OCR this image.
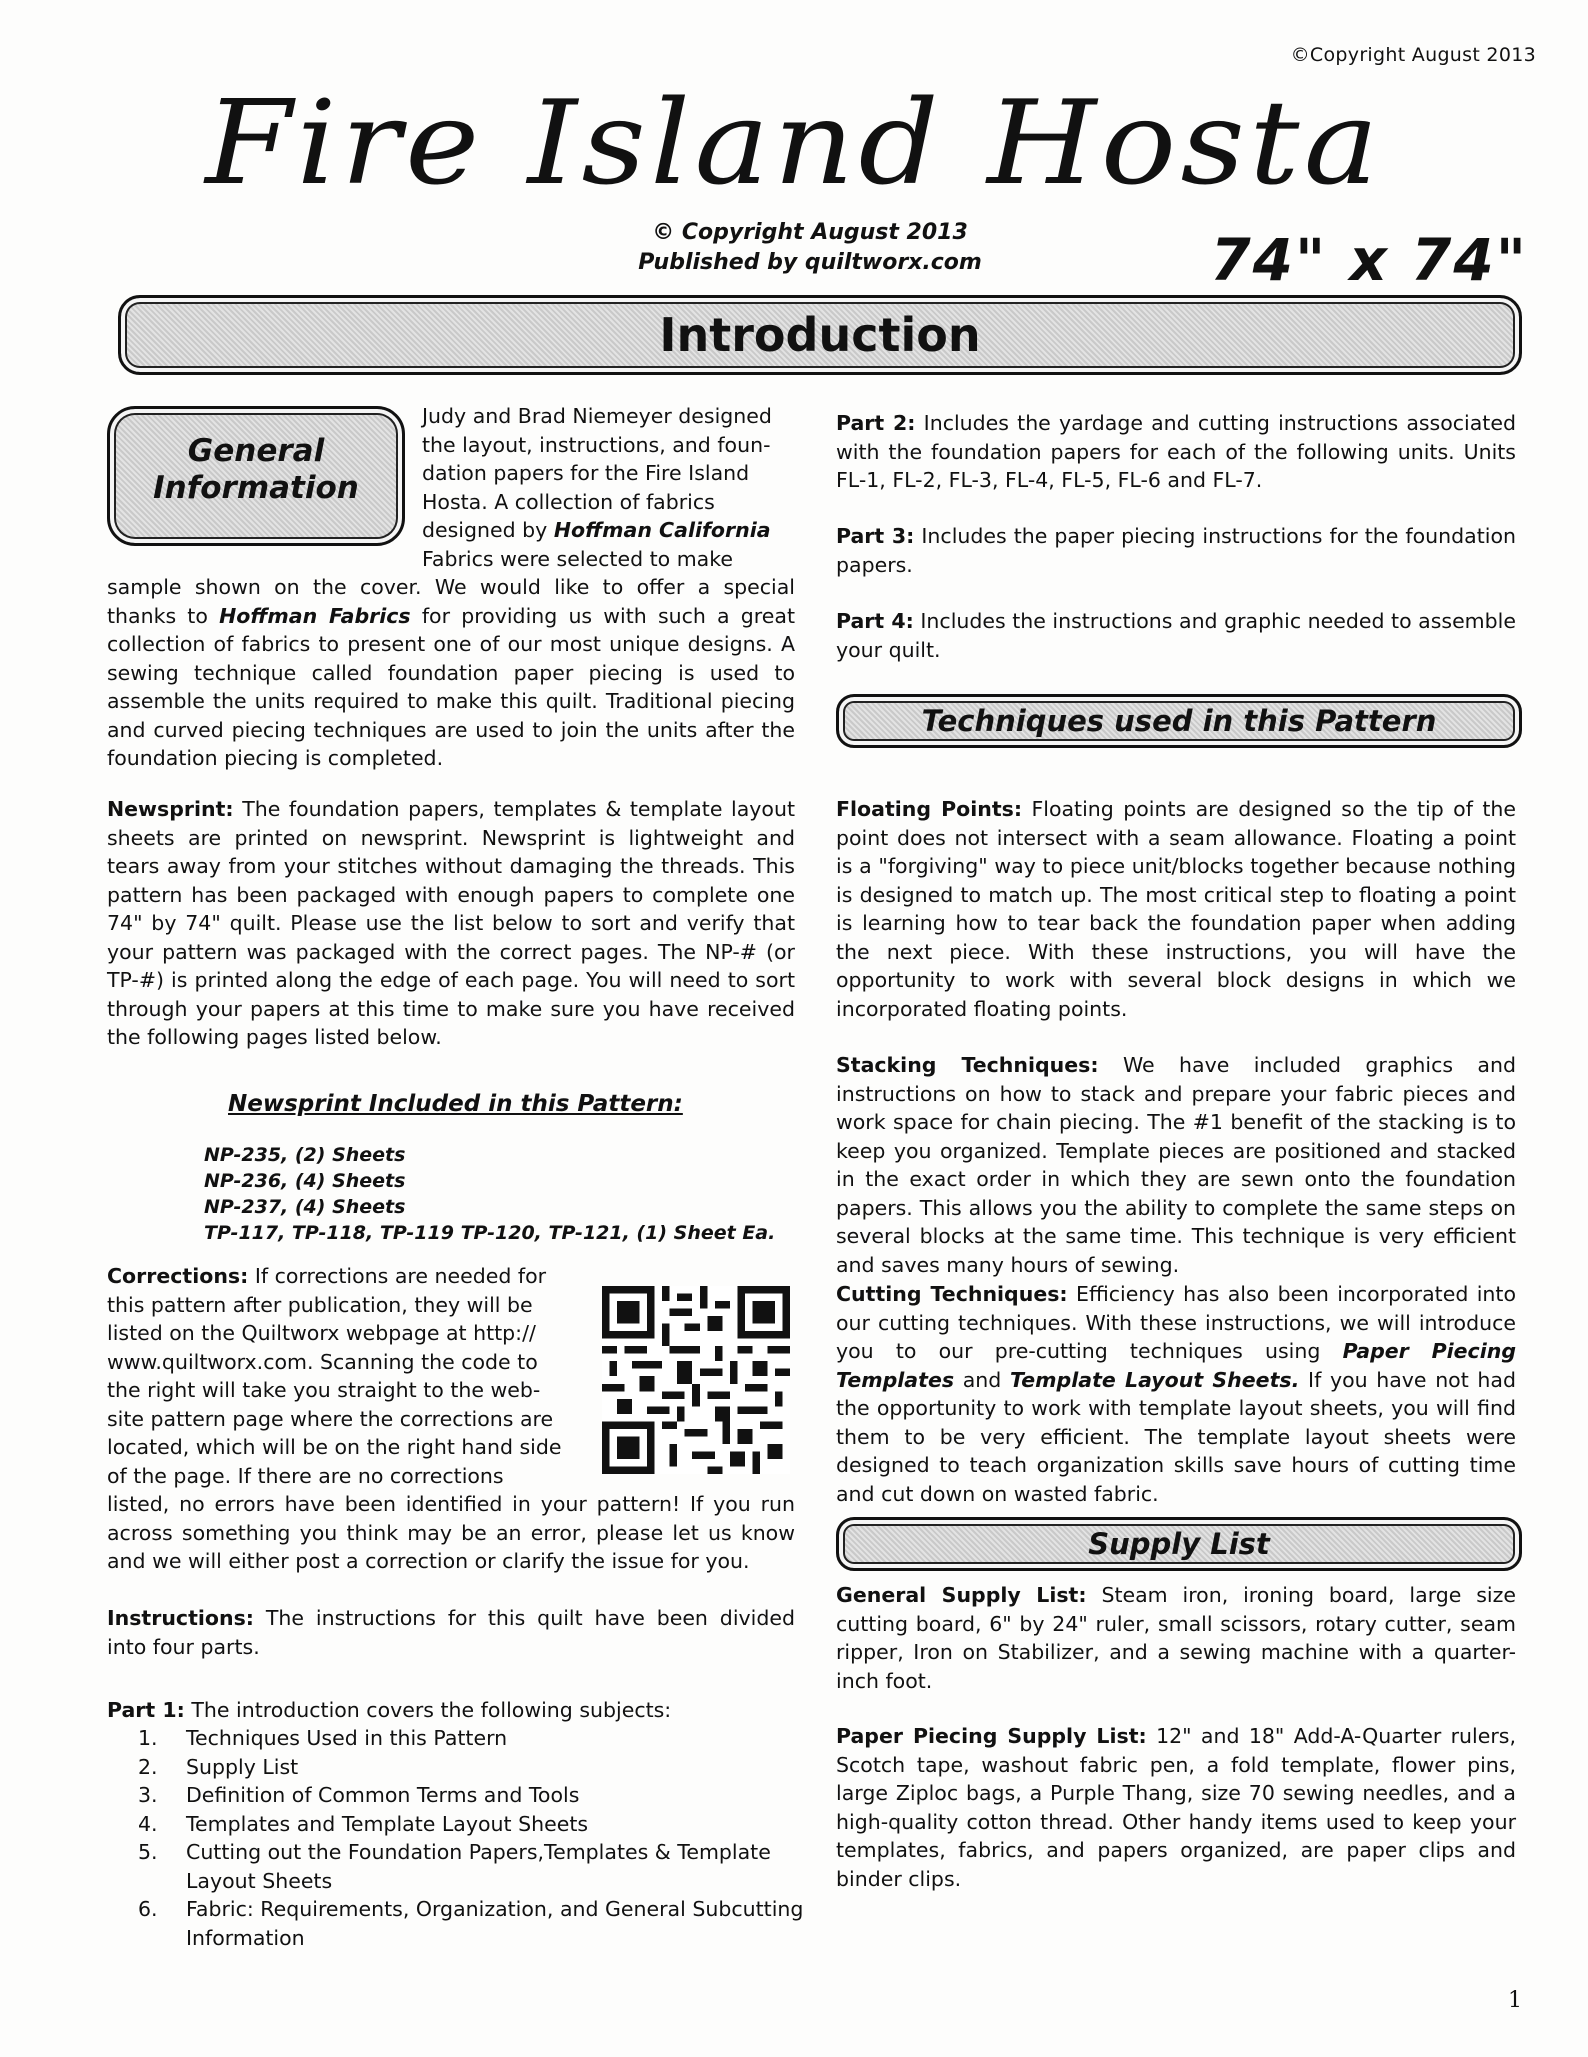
©Copyright August 2013
Fire Island Hosta
© Copyright August 2013
Published by quiltworx.com	74" x 74"
Introduction
General
Information
Judy and Brad Niemeyer designed
the layout, instructions, and foun-
dation papers for the Fire Island
Hosta. A collection of fabrics
designed by Hoffman California
Fabrics were selected to make
sample shown on the cover. We would like to offer a special thanks to Hoffman Fabrics for providing us with such a great collection of fabrics to present one of our most unique designs. A sewing technique called foundation paper piecing is used to assemble the units required to make this quilt. Traditional piecing and curved piecing techniques are used to join the units after the foundation piecing is completed.
Newsprint: The foundation papers, templates & template layout sheets are printed on newsprint. Newsprint is lightweight and tears away from your stitches without damaging the threads. This pattern has been packaged with enough papers to complete one 74" by 74" quilt. Please use the list below to sort and verify that your pattern was packaged with the correct pages. The NP-# (or TP-#) is printed along the edge of each page. You will need to sort through your papers at this time to make sure you have received the following pages listed below.
Newsprint Included in this Pattern:
NP-235, (2) Sheets
NP-236, (4) Sheets
NP-237, (4) Sheets
TP-117, TP-118, TP-119 TP-120, TP-121, (1) Sheet Ea.
Corrections: If corrections are needed for
this pattern after publication, they will be
listed on the Quiltworx webpage at http://
www.quiltworx.com. Scanning the code to
the right will take you straight to the web-
site pattern page where the corrections are
located, which will be on the right hand side
of the page. If there are no corrections
listed, no errors have been identified in your pattern! If you run across something you think may be an error, please let us know and we will either post a correction or clarify the issue for you.
Instructions: The instructions for this quilt have been divided into four parts.
Part 1: The introduction covers the following subjects:
1.	Techniques Used in this Pattern
2.	Supply List
3.	Definition of Common Terms and Tools
4.	Templates and Template Layout Sheets
5.	Cutting out the Foundation Papers,Templates & Template Layout Sheets
6.	Fabric: Requirements, Organization, and General Subcutting Information
Part 2: Includes the yardage and cutting instructions associated with the foundation papers for each of the following units. Units FL-1, FL-2, FL-3, FL-4, FL-5, FL-6 and FL-7.
Part 3: Includes the paper piecing instructions for the foundation papers.
Part 4: Includes the instructions and graphic needed to assemble your quilt.
Techniques used in this Pattern
Floating Points: Floating points are designed so the tip of the point does not intersect with a seam allowance. Floating a point is a "forgiving" way to piece unit/blocks together because nothing is designed to match up. The most critical step to floating a point is learning how to tear back the foundation paper when adding the next piece. With these instructions, you will have the opportunity to work with several block designs in which we incorporated floating points.
Stacking Techniques: We have included graphics and instructions on how to stack and prepare your fabric pieces and work space for chain piecing. The #1 benefit of the stacking is to keep you organized. Template pieces are positioned and stacked in the exact order in which they are sewn onto the foundation papers. This allows you the ability to complete the same steps on several blocks at the same time. This technique is very efficient and saves many hours of sewing.
Cutting Techniques: Efficiency has also been incorporated into our cutting techniques. With these instructions, we will introduce you to our pre-cutting techniques using Paper Piecing Templates and Template Layout Sheets. If you have not had the opportunity to work with template layout sheets, you will find them to be very efficient. The template layout sheets were designed to teach organization skills save hours of cutting time and cut down on wasted fabric.
Supply List
General Supply List: Steam iron, ironing board, large size cutting board, 6" by 24" ruler, small scissors, rotary cutter, seam ripper, Iron on Stabilizer, and a sewing machine with a quarter-inch foot.
Paper Piecing Supply List: 12" and 18" Add-A-Quarter rulers, Scotch tape, washout fabric pen, a fold template, flower pins, large Ziploc bags, a Purple Thang, size 70 sewing needles, and a high-quality cotton thread. Other handy items used to keep your templates, fabrics, and papers organized, are paper clips and binder clips.
1
